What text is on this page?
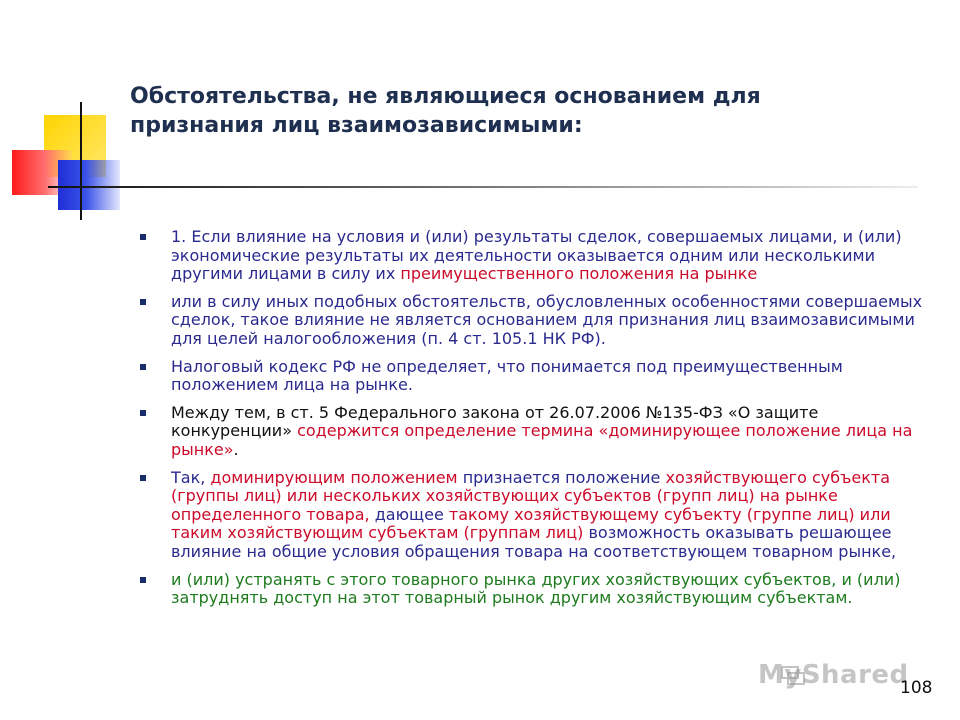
Обстоятельства, не являющиеся основанием для
признания лиц взаимозависимыми:
1. Если влияние на условия и (или) результаты сделок, совершаемых лицами, и (или) экономические результаты их деятельности оказывается одним или несколькими другими лицами в силу их преимущественного положения на рынке
или в силу иных подобных обстоятельств, обусловленных особенностями совершаемых сделок, такое влияние не является основанием для признания лиц взаимозависимыми для целей налогообложения (п. 4 ст. 105.1 НК РФ).
Налоговый кодекс РФ не определяет, что понимается под преимущественным положением лица на рынке.
Между тем, в ст. 5 Федерального закона от 26.07.2006 №135-ФЗ «О защите конкуренции» содержится определение термина «доминирующее положение лица на рынке».
Так, доминирующим положением признается положение хозяйствующего субъекта (группы лиц) или нескольких хозяйствующих субъектов (групп лиц) на рынке определенного товара, дающее такому хозяйствующему субъекту (группе лиц) или таким хозяйствующим субъектам (группам лиц) возможность оказывать решающее влияние на общие условия обращения товара на соответствующем товарном рынке,
и (или) устранять с этого товарного рынка других хозяйствующих субъектов, и (или) затруднять доступ на этот товарный рынок другим хозяйствующим субъектам.
MyShared
108
